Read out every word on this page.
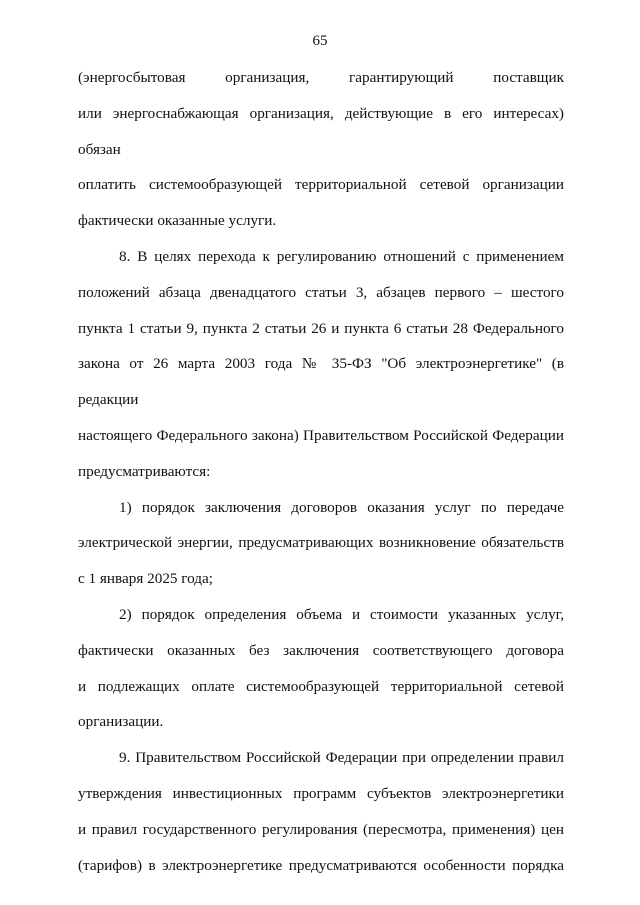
65
(энергосбытовая организация, гарантирующий поставщик
или энергоснабжающая организация, действующие в его интересах) обязан
оплатить системообразующей территориальной сетевой организации
фактически оказанные услуги.
8. В целях перехода к регулированию отношений с применением
положений абзаца двенадцатого статьи 3, абзацев первого – шестого
пункта 1 статьи 9, пункта 2 статьи 26 и пункта 6 статьи 28 Федерального
закона от 26 марта 2003 года № 35-ФЗ "Об электроэнергетике" (в редакции
настоящего Федерального закона) Правительством Российской Федерации
предусматриваются:
1) порядок заключения договоров оказания услуг по передаче
электрической энергии, предусматривающих возникновение обязательств
с 1 января 2025 года;
2) порядок определения объема и стоимости указанных услуг,
фактически оказанных без заключения соответствующего договора
и подлежащих оплате системообразующей территориальной сетевой
организации.
9. Правительством Российской Федерации при определении правил
утверждения инвестиционных программ субъектов электроэнергетики
и правил государственного регулирования (пересмотра, применения) цен
(тарифов) в электроэнергетике предусматриваются особенности порядка
